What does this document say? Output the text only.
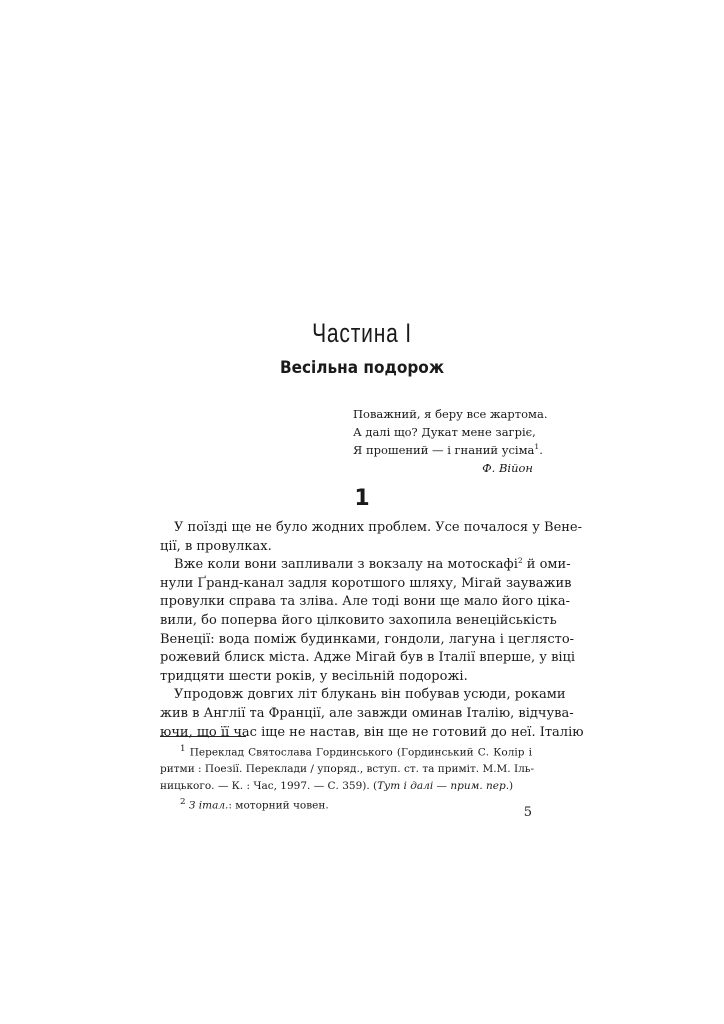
Частина I
Весільна подорож
Поважний, я беру все жартома.
А далі що? Дукат мене загріє,
Я прошений — і гнаний усіма$^1$.
Ф. Війон
1
У поїзді ще не було жодних проблем. Усе почалося у Вене-
ції, в провулках.
Вже коли вони запливали з вокзалу на мотоскафі$^2$ й оми-
нули Ґранд-канал задля коротшого шляху, Мігай зауважив
провулки справа та зліва. Але тоді вони ще мало його ціка-
вили, бо поперва його цілковито захопила венеційськість
Венеції: вода поміж будинками, гондоли, лагуна і цеглясто-
рожевий блиск міста. Адже Мігай був в Італії вперше, у віці
тридцяти шести років, у весільній подорожі.
Упродовж довгих літ блукань він побував усюди, роками
жив в Англії та Франції, але завжди оминав Італію, відчува-
ючи, що її час іще не настав, він ще не готовий до неї. Італію
$^1$ Переклад Святослава Гординського (Гординський С. Колір і
ритми : Поезії. Переклади / упоряд., вступ. ст. та приміт. М.М. Іль-
ницького. — К. : Час, 1997. — С. 359). (Тут і далі — прим. пер.)
$^2$ З італ.: моторний човен.	5
